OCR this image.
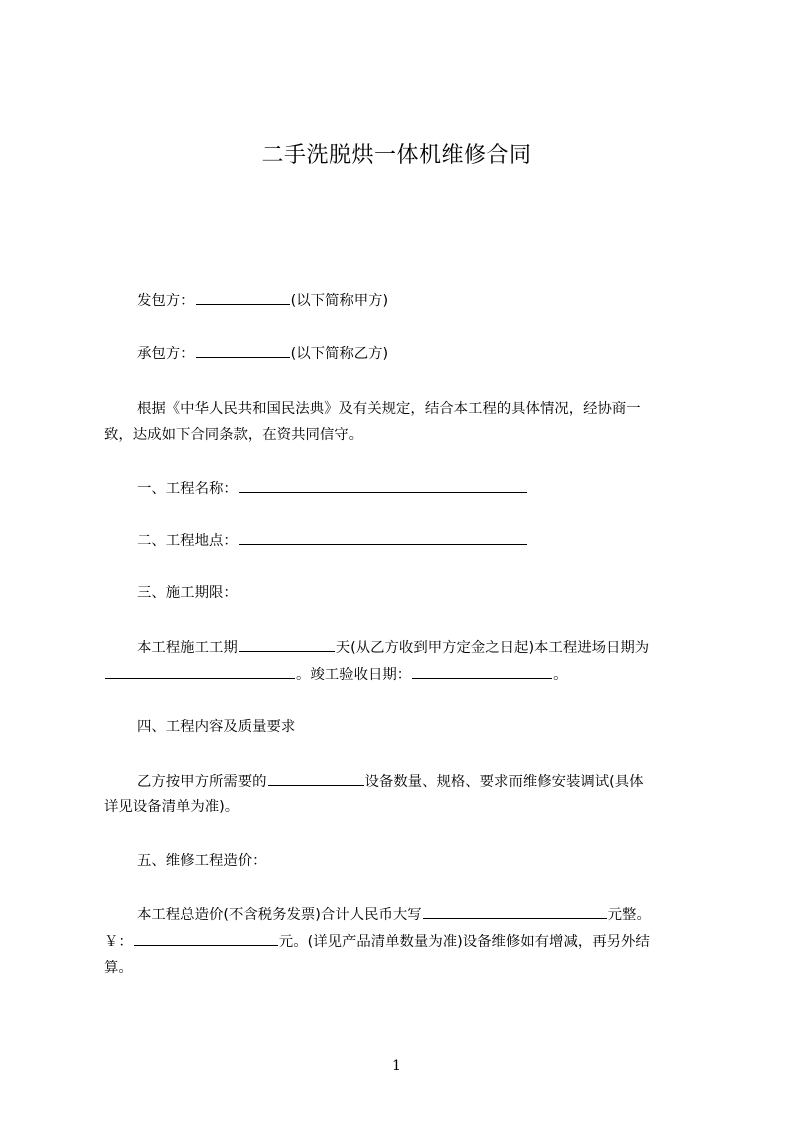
二手洗脱烘一体机维修合同
发包方：	(以下简称甲方)
承包方：	(以下简称乙方)
根据《中华人民共和国民法典》及有关规定，结合本工程的具体情况，经协商一
致，达成如下合同条款，在资共同信守。
一、工程名称：
二、工程地点：
三、施工期限：
本工程施工工期	天(从乙方收到甲方定金之日起)本工程进场日期为
。竣工验收日期：	。
四、工程内容及质量要求
乙方按甲方所需要的	设备数量、规格、要求而维修安装调试(具体
详见设备清单为准)。
五、维修工程造价：
本工程总造价(不含税务发票)合计人民币大写	元整。
￥：	元。(详见产品清单数量为准)设备维修如有增减，再另外结
算。
1
